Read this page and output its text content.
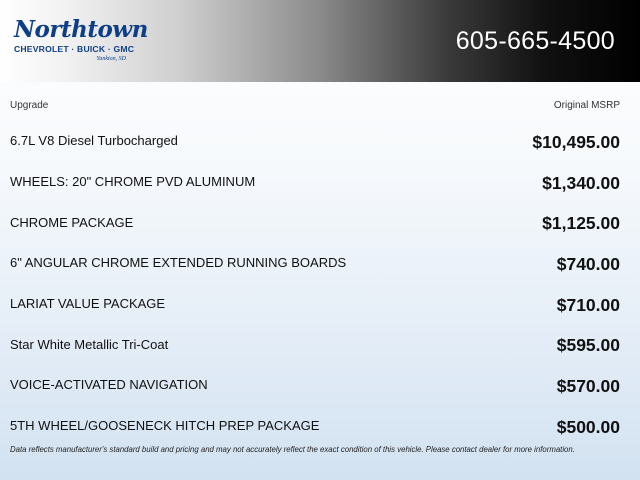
Northtown
CHEVROLET · BUICK · GMC
Yankton, SD
605-665-4500
Upgrade	Original MSRP
6.7L V8 Diesel Turbocharged	$10,495.00
WHEELS: 20" CHROME PVD ALUMINUM	$1,340.00
CHROME PACKAGE	$1,125.00
6" ANGULAR CHROME EXTENDED RUNNING BOARDS	$740.00
LARIAT VALUE PACKAGE	$710.00
Star White Metallic Tri-Coat	$595.00
VOICE-ACTIVATED NAVIGATION	$570.00
5TH WHEEL/GOOSENECK HITCH PREP PACKAGE	$500.00
Data reflects manufacturer's standard build and pricing and may not accurately reflect the exact condition of this vehicle. Please contact dealer for more information.
